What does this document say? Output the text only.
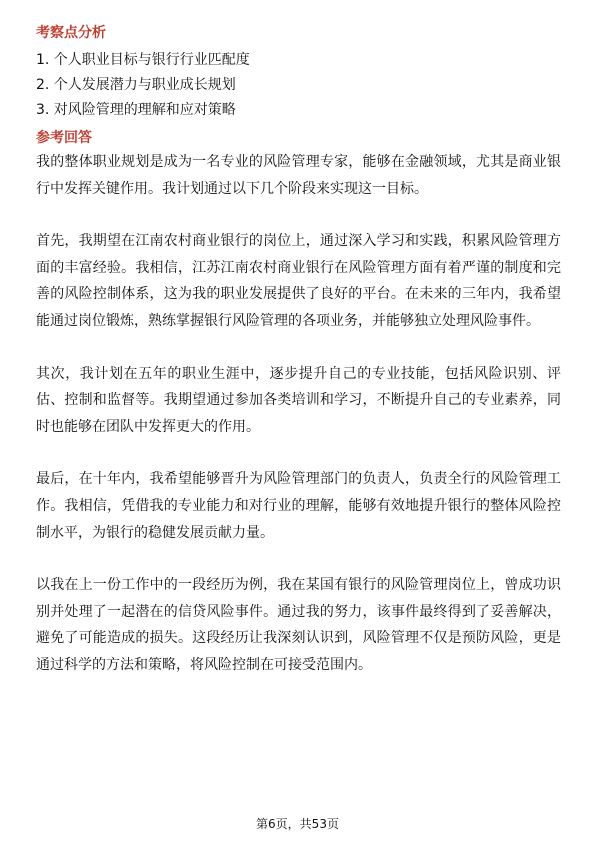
考察点分析
1. 个人职业目标与银行行业匹配度
2. 个人发展潜力与职业成长规划
3. 对风险管理的理解和应对策略
参考回答

我的整体职业规划是成为一名专业的风险管理专家，能够在金融领域，尤其是商业银行中发挥关键作用。我计划通过以下几个阶段来实现这一目标。

首先，我期望在江南农村商业银行的岗位上，通过深入学习和实践，积累风险管理方面的丰富经验。我相信，江苏江南农村商业银行在风险管理方面有着严谨的制度和完善的风险控制体系，这为我的职业发展提供了良好的平台。在未来的三年内，我希望能通过岗位锻炼，熟练掌握银行风险管理的各项业务，并能够独立处理风险事件。

其次，我计划在五年的职业生涯中，逐步提升自己的专业技能，包括风险识别、评估、控制和监督等。我期望通过参加各类培训和学习，不断提升自己的专业素养，同时也能够在团队中发挥更大的作用。

最后，在十年内，我希望能够晋升为风险管理部门的负责人，负责全行的风险管理工作。我相信，凭借我的专业能力和对行业的理解，能够有效地提升银行的整体风险控制水平，为银行的稳健发展贡献力量。

以我在上一份工作中的一段经历为例，我在某国有银行的风险管理岗位上，曾成功识别并处理了一起潜在的信贷风险事件。通过我的努力，该事件最终得到了妥善解决，避免了可能造成的损失。这段经历让我深刻认识到，风险管理不仅是预防风险，更是通过科学的方法和策略，将风险控制在可接受范围内。

第6页，共53页
